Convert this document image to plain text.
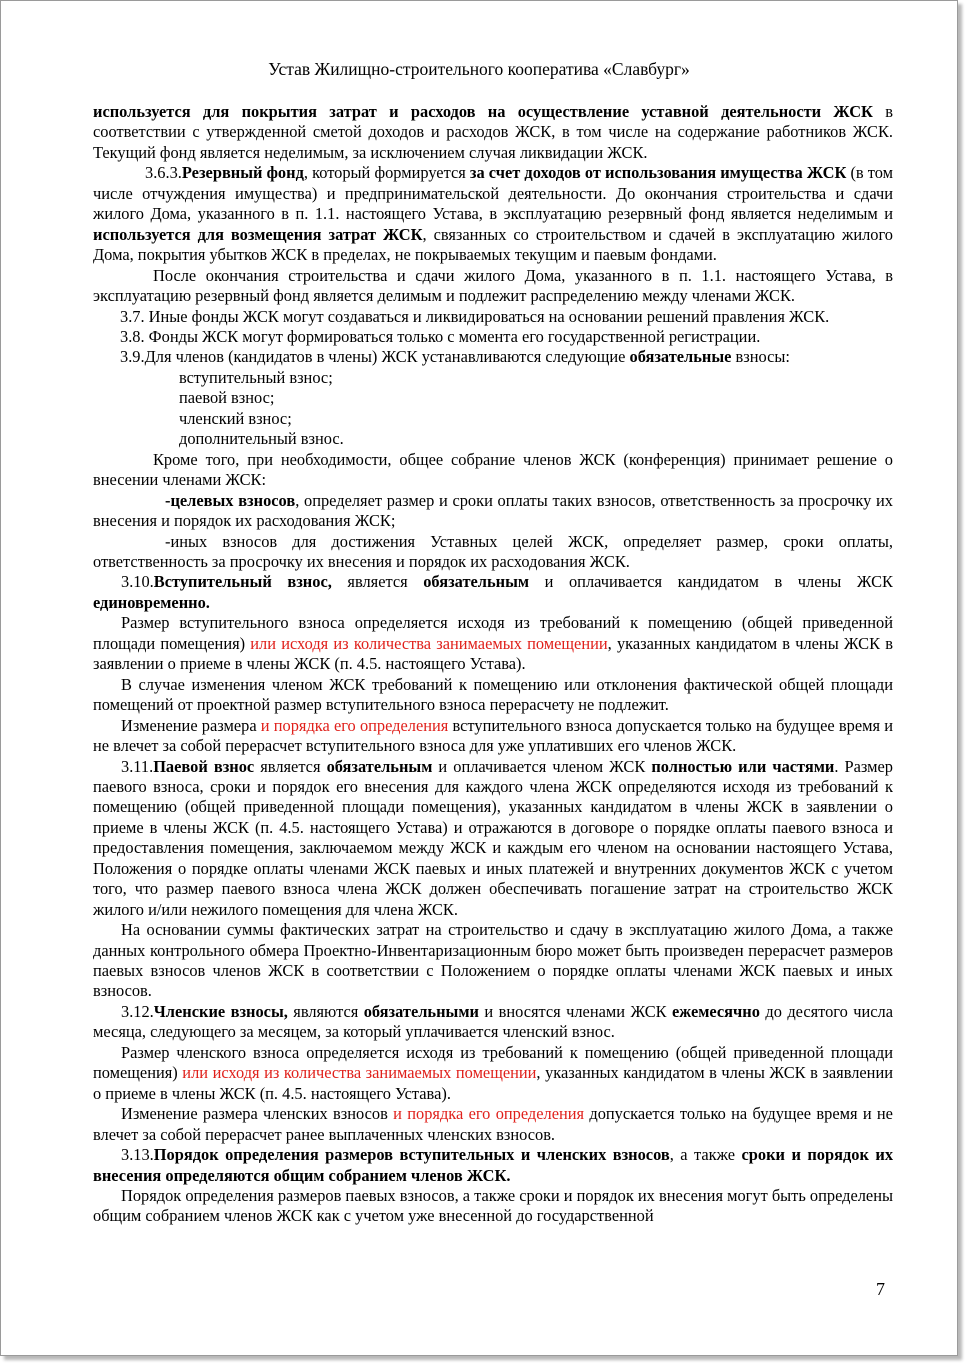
Устав Жилищно-строительного кооператива «Славбург»

используется для покрытия затрат и расходов на осуществление уставной деятельности ЖСК в соответствии с утвержденной сметой доходов и расходов ЖСК, в том числе на содержание работников ЖСК. Текущий фонд является неделимым, за исключением случая ликвидации ЖСК.

3.6.3.Резервный фонд, который формируется за счет доходов от использования имущества ЖСК (в том числе отчуждения имущества) и предпринимательской деятельности. До окончания строительства и сдачи жилого Дома, указанного в п. 1.1. настоящего Устава, в эксплуатацию резервный фонд является неделимым и используется для возмещения затрат ЖСК, связанных со строительством и сдачей в эксплуатацию жилого Дома, покрытия убытков ЖСК в пределах, не покрываемых текущим и паевым фондами.

После окончания строительства и сдачи жилого Дома, указанного в п. 1.1. настоящего Устава, в эксплуатацию резервный фонд является делимым и подлежит распределению между членами ЖСК.

3.7. Иные фонды ЖСК могут создаваться и ликвидироваться на основании решений правления ЖСК.

3.8. Фонды ЖСК могут формироваться только с момента его государственной регистрации.

3.9.Для членов (кандидатов в члены) ЖСК устанавливаются следующие обязательные взносы:

вступительный взнос;

паевой взнос;

членский взнос;

дополнительный взнос.

Кроме того, при необходимости, общее собрание членов ЖСК (конференция) принимает решение о внесении членами ЖСК:

-целевых взносов, определяет размер и сроки оплаты таких взносов, ответственность за просрочку их внесения и порядок их расходования ЖСК;

-иных взносов для достижения Уставных целей ЖСК, определяет размер, сроки оплаты, ответственность за просрочку их внесения и порядок их расходования ЖСК.

3.10.Вступительный взнос, является обязательным и оплачивается кандидатом в члены ЖСК единовременно.

Размер вступительного взноса определяется исходя из требований к помещению (общей приведенной площади помещения) или исходя из количества занимаемых помещении, указанных кандидатом в члены ЖСК в заявлении о приеме в члены ЖСК (п. 4.5. настоящего Устава).

В случае изменения членом ЖСК требований к помещению или отклонения фактической общей площади помещений от проектной размер вступительного взноса перерасчету не подлежит.

Изменение размера и порядка его определения вступительного взноса допускается только на будущее время и не влечет за собой перерасчет вступительного взноса для уже уплативших его членов ЖСК.

3.11.Паевой взнос является обязательным и оплачивается членом ЖСК полностью или частями. Размер паевого взноса, сроки и порядок его внесения для каждого члена ЖСК определяются исходя из требований к помещению (общей приведенной площади помещения), указанных кандидатом в члены ЖСК в заявлении о приеме в члены ЖСК (п. 4.5. настоящего Устава) и отражаются в договоре о порядке оплаты паевого взноса и предоставления помещения, заключаемом между ЖСК и каждым его членом на основании настоящего Устава, Положения о порядке оплаты членами ЖСК паевых и иных платежей и внутренних документов ЖСК с учетом того, что размер паевого взноса члена ЖСК должен обеспечивать погашение затрат на строительство ЖСК жилого и/или нежилого помещения для члена ЖСК.

На основании суммы фактических затрат на строительство и сдачу в эксплуатацию жилого Дома, а также данных контрольного обмера Проектно-Инвентаризационным бюро может быть произведен перерасчет размеров паевых взносов членов ЖСК в соответствии с Положением о порядке оплаты членами ЖСК паевых и иных взносов.

3.12.Членские взносы, являются обязательными и вносятся членами ЖСК ежемесячно до десятого числа месяца, следующего за месяцем, за который уплачивается членский взнос.

Размер членского взноса определяется исходя из требований к помещению (общей приведенной площади помещения) или исходя из количества занимаемых помещении, указанных кандидатом в члены ЖСК в заявлении о приеме в члены ЖСК (п. 4.5. настоящего Устава).

Изменение размера членских взносов и порядка его определения допускается только на будущее время и не влечет за собой перерасчет ранее выплаченных членских взносов.

3.13.Порядок определения размеров вступительных и членских взносов, а также сроки и порядок их внесения определяются общим собранием членов ЖСК.

Порядок определения размеров паевых взносов, а также сроки и порядок их внесения могут быть определены общим собранием членов ЖСК как с учетом уже внесенной до государственной

7
